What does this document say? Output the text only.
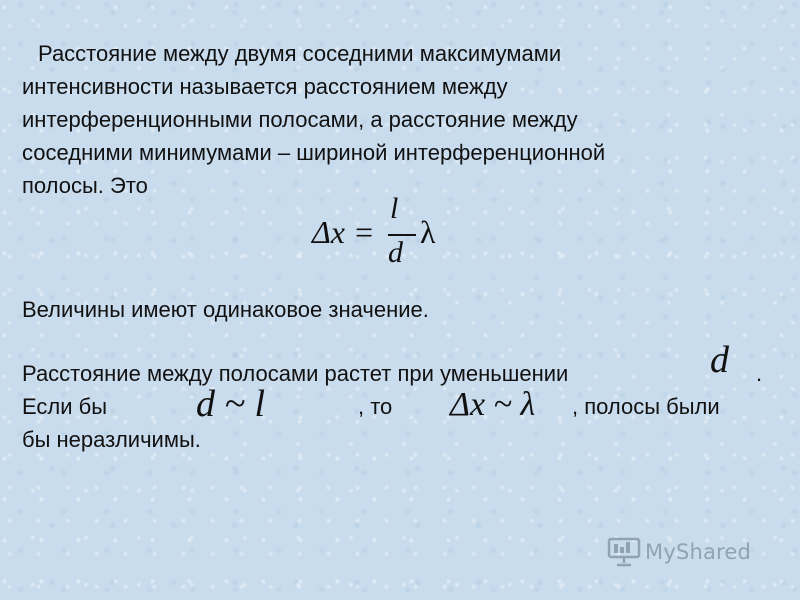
Расстояние между двумя соседними максимумами
интенсивности называется расстоянием между
интерференционными полосами, а расстояние между
соседними минимумами – шириной интерференционной
полосы. Это
Δx =
l
d
λ
Величины имеют одинаковое значение.
Расстояние между полосами растет при уменьшении	.
Если бы	, то	, полосы были
бы неразличимы.
d
d ~ l	Δx ~ λ
MyShared
